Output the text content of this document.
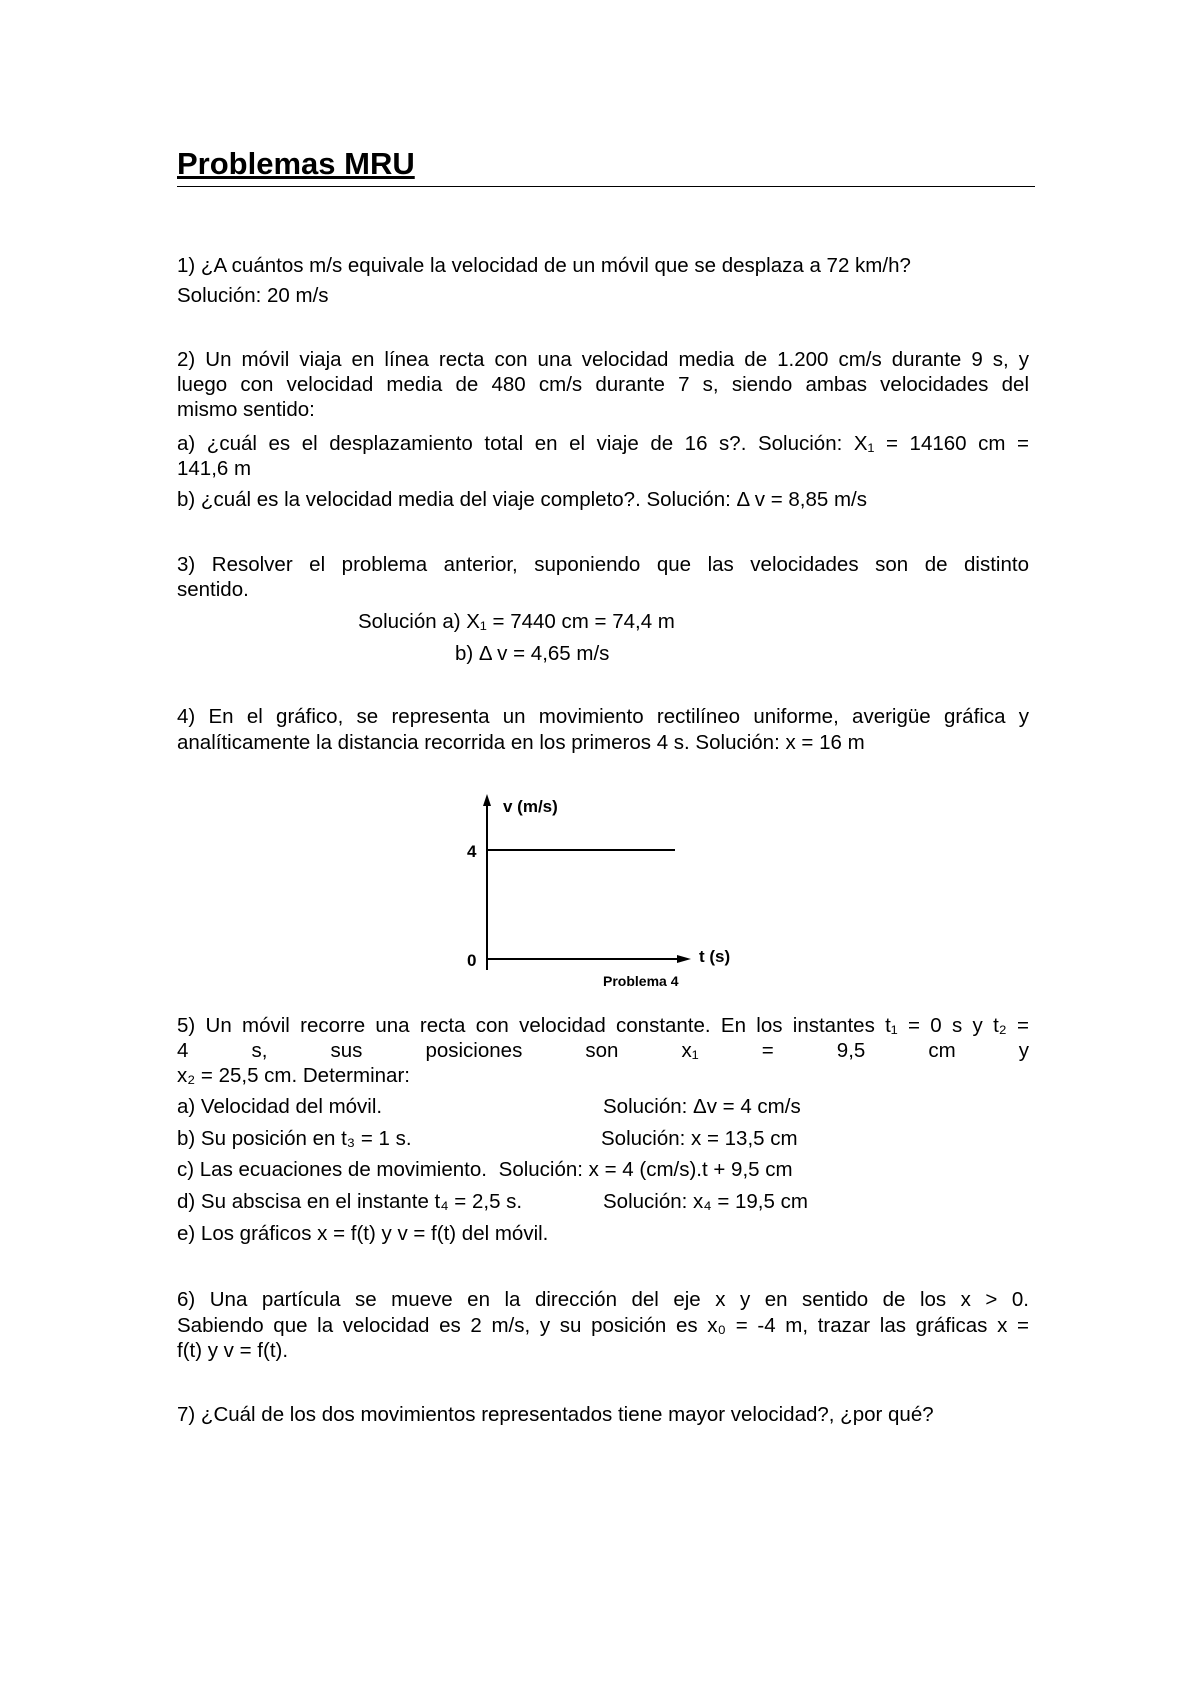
Problemas MRU
1) ¿A cuántos m/s equivale la velocidad de un móvil que se desplaza a 72 km/h?
Solución: 20 m/s
2) Un móvil viaja en línea recta con una velocidad media de 1.200 cm/s durante 9 s, y
luego con velocidad media de 480 cm/s durante 7 s, siendo ambas velocidades del
mismo sentido:
a) ¿cuál es el desplazamiento total en el viaje de 16 s?. Solución: X₁ = 14160 cm =
141,6 m
b) ¿cuál es la velocidad media del viaje completo?. Solución: Δ v = 8,85 m/s
3) Resolver el problema anterior, suponiendo que las velocidades son de distinto
sentido.
Solución a) X₁ = 7440 cm = 74,4 m
b) Δ v = 4,65 m/s
4) En el gráfico, se representa un movimiento rectilíneo uniforme, averigüe gráfica y
analíticamente la distancia recorrida en los primeros 4 s. Solución: x = 16 m
v (m/s)
4
0	t (s)
Problema 4
5) Un móvil recorre una recta con velocidad constante. En los instantes t₁ = 0 s y t₂ =
4	s,	sus	posiciones	son	x₁	=	9,5	cm	y
x₂ = 25,5 cm. Determinar:
a) Velocidad del móvil.	Solución: Δv = 4 cm/s
b) Su posición en t₃ = 1 s.	Solución: x = 13,5 cm
c) Las ecuaciones de movimiento. Solución: x = 4 (cm/s).t + 9,5 cm
d) Su abscisa en el instante t₄ = 2,5 s.	Solución: x₄ = 19,5 cm
e) Los gráficos x = f(t) y v = f(t) del móvil.
6) Una partícula se mueve en la dirección del eje x y en sentido de los x > 0.
Sabiendo que la velocidad es 2 m/s, y su posición es x₀ = -4 m, trazar las gráficas x =
f(t) y v = f(t).
7) ¿Cuál de los dos movimientos representados tiene mayor velocidad?, ¿por qué?
